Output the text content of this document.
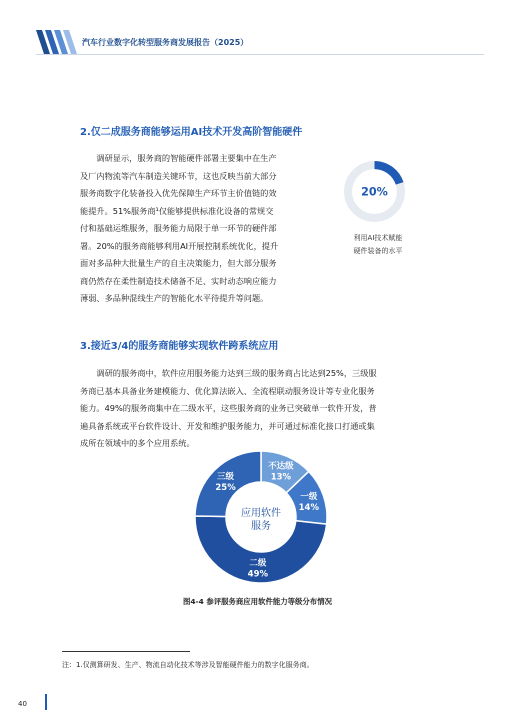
汽车行业数字化转型服务商发展报告（2025）
2.仅二成服务商能够运用AI技术开发高阶智能硬件
调研显示，服务商的智能硬件部署主要集中在生产
及厂内物流等汽车制造关键环节，这也反映当前大部分
服务商数字化装备投入优先保障生产环节主价值链的效
能提升。51%服务商¹仅能够提供标准化设备的常规交
付和基础运维服务，服务能力局限于单一环节的硬件部
署。20%的服务商能够利用AI开展控制系统优化，提升
面对多品种大批量生产的自主决策能力，但大部分服务
商仍然存在柔性制造技术储备不足、实时动态响应能力
薄弱、多品种混线生产的智能化水平待提升等问题。
20%
利用AI技术赋能
硬件装备的水平
3.接近3/4的服务商能够实现软件跨系统应用
调研的服务商中，软件应用服务能力达到三级的服务商占比达到25%，三级服
务商已基本具备业务建模能力、优化算法嵌入、全流程联动服务设计等专业化服务
能力。49%的服务商集中在二级水平，这些服务商的业务已突破单一软件开发，普
遍具备系统或平台软件设计、开发和维护服务能力，并可通过标准化接口打通或集
成所在领域中的多个应用系统。
不达级
13%
一级
14%
二级
49%
三级
25%
应用软件
服务
图4-4 参评服务商应用软件能力等级分布情况
注：1.仅测算研发、生产、物流自动化技术等涉及智能硬件能力的数字化服务商。
40
